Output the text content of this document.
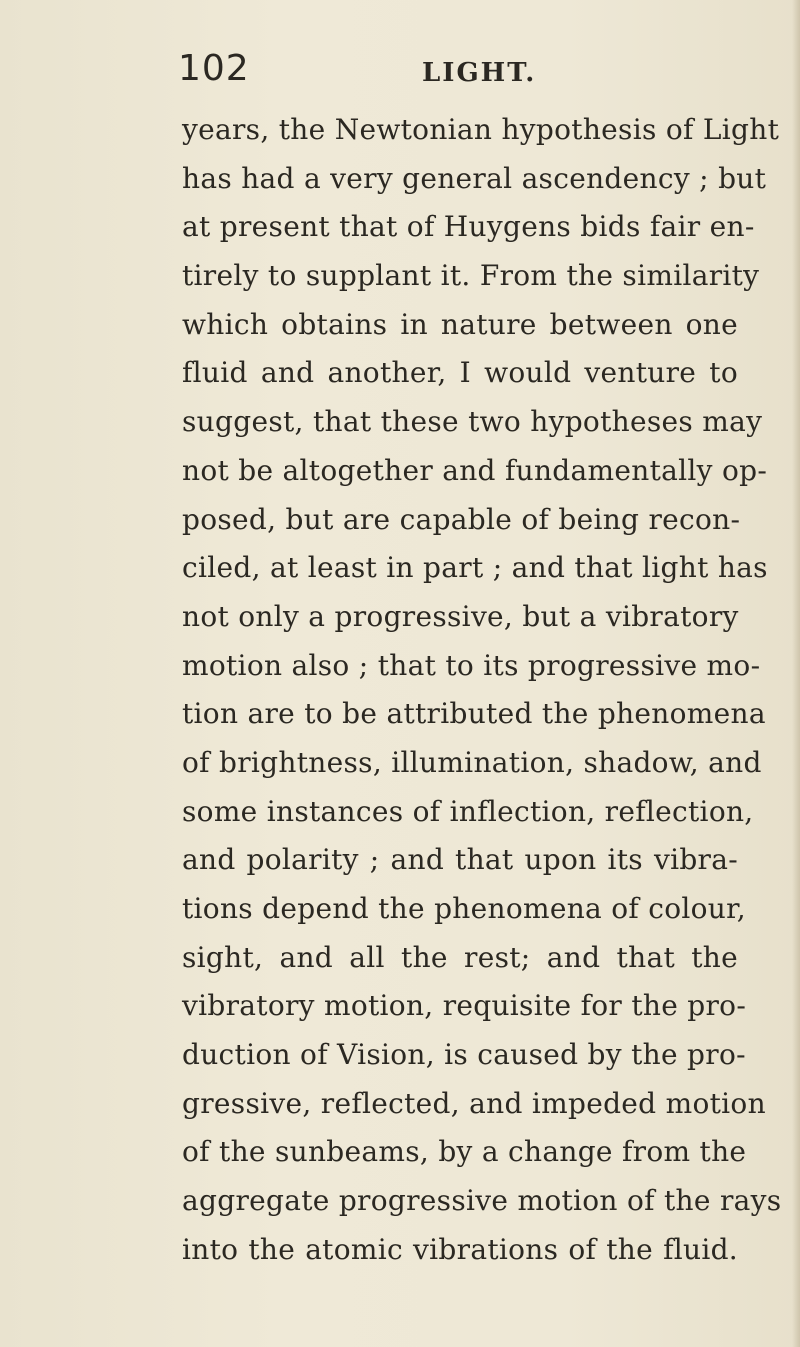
102	LIGHT.
years, the Newtonian hypothesis of Light
has had a very general ascendency ; but
at present that of Huygens bids fair en-
tirely to supplant it. From the similarity
which obtains in nature between one
fluid and another, I would venture to
suggest, that these two hypotheses may
not be altogether and fundamentally op-
posed, but are capable of being recon-
ciled, at least in part ; and that light has
not only a progressive, but a vibratory
motion also ; that to its progressive mo-
tion are to be attributed the phenomena
of brightness, illumination, shadow, and
some instances of inflection, reflection,
and polarity ; and that upon its vibra-
tions depend the phenomena of colour,
sight, and all the rest; and that the
vibratory motion, requisite for the pro-
duction of Vision, is caused by the pro-
gressive, reflected, and impeded motion
of the sunbeams, by a change from the
aggregate progressive motion of the rays
into the atomic vibrations of the fluid.
